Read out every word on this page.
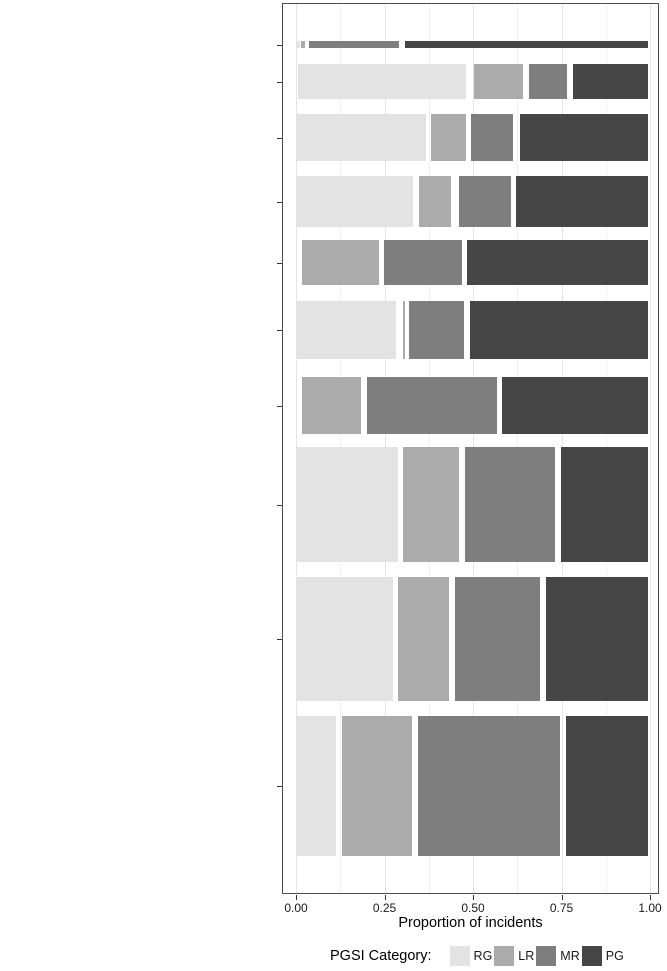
0.00	0.25	0.50	0.75	1.00
Proportion of incidents
PGSI Category:	RG LR MR PG
